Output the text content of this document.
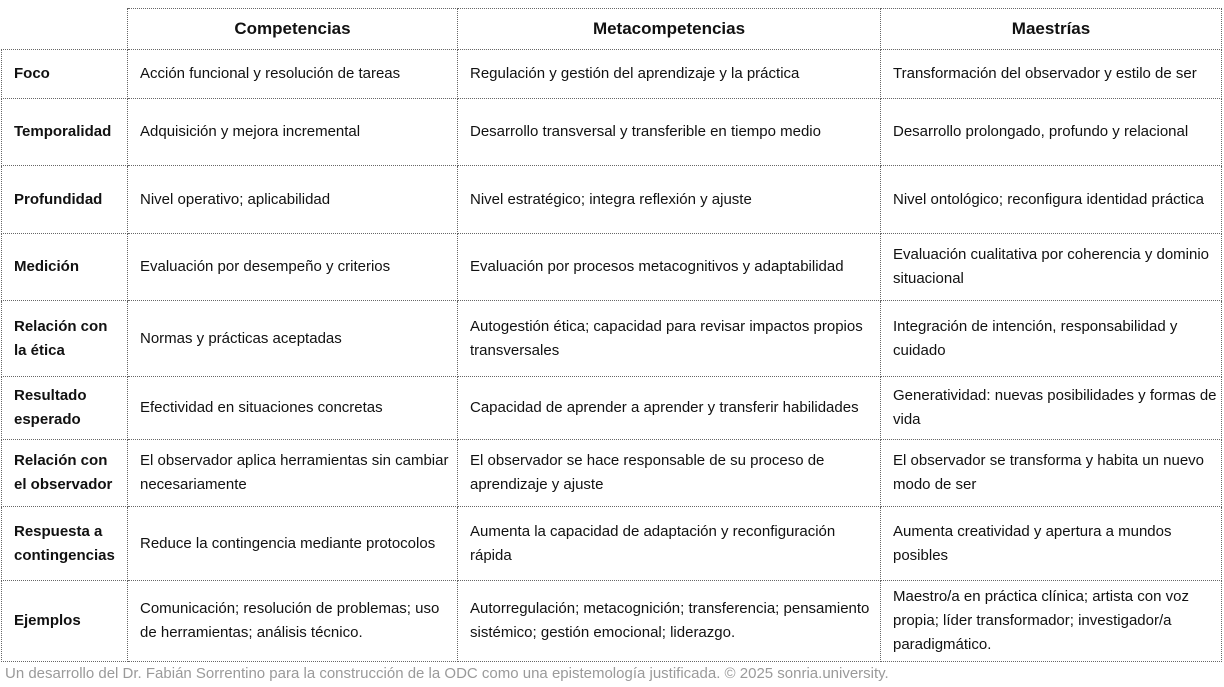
	Competencias	Metacompetencias	Maestrías
Foco	Acción funcional y resolución de tareas	Regulación y gestión del aprendizaje y la práctica	Transformación del observador y estilo de ser
Temporalidad	Adquisición y mejora incremental	Desarrollo transversal y transferible en tiempo medio	Desarrollo prolongado, profundo y relacional
Profundidad	Nivel operativo; aplicabilidad	Nivel estratégico; integra reflexión y ajuste	Nivel ontológico; reconfigura identidad práctica
Medición	Evaluación por desempeño y criterios	Evaluación por procesos metacognitivos y adaptabilidad	Evaluación cualitativa por coherencia y dominio situacional
Relación con la ética	Normas y prácticas aceptadas	Autogestión ética; capacidad para revisar impactos propios transversales	Integración de intención, responsabilidad y cuidado
Resultado esperado	Efectividad en situaciones concretas	Capacidad de aprender a aprender y transferir habilidades	Generatividad: nuevas posibilidades y formas de vida
Relación con el observador	El observador aplica herramientas sin cambiar necesariamente	El observador se hace responsable de su proceso de aprendizaje y ajuste	El observador se transforma y habita un nuevo modo de ser
Respuesta a contingencias	Reduce la contingencia mediante protocolos	Aumenta la capacidad de adaptación y reconfiguración rápida	Aumenta creatividad y apertura a mundos posibles
Ejemplos	Comunicación; resolución de problemas; uso de herramientas; análisis técnico.	Autorregulación; metacognición; transferencia; pensamiento sistémico; gestión emocional; liderazgo.	Maestro/a en práctica clínica; artista con voz propia; líder transformador; investigador/a paradigmático.
Un desarrollo del Dr. Fabián Sorrentino para la construcción de la ODC como una epistemología justificada. © 2025 sonria.university.
